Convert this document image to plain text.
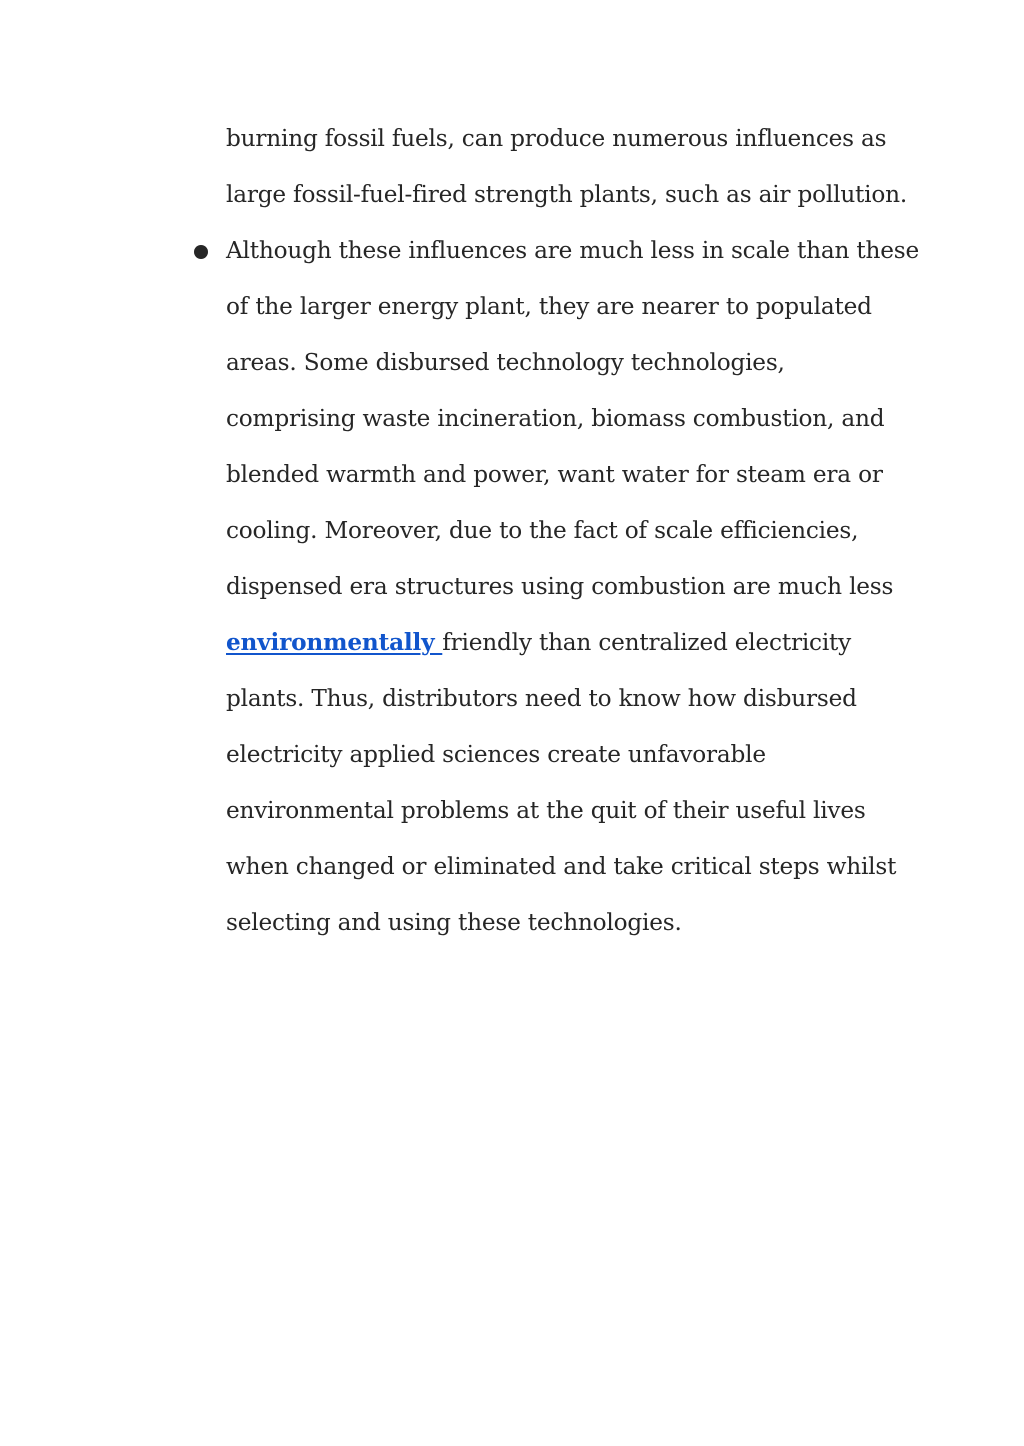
burning fossil fuels, can produce numerous influences as
large fossil-fuel-fired strength plants, such as air pollution.
Although these influences are much less in scale than these
of the larger energy plant, they are nearer to populated
areas. Some disbursed technology technologies,
comprising waste incineration, biomass combustion, and
blended warmth and power, want water for steam era or
cooling. Moreover, due to the fact of scale efficiencies,
dispensed era structures using combustion are much less
environmentally friendly than centralized electricity
plants. Thus, distributors need to know how disbursed
electricity applied sciences create unfavorable
environmental problems at the quit of their useful lives
when changed or eliminated and take critical steps whilst
selecting and using these technologies.
